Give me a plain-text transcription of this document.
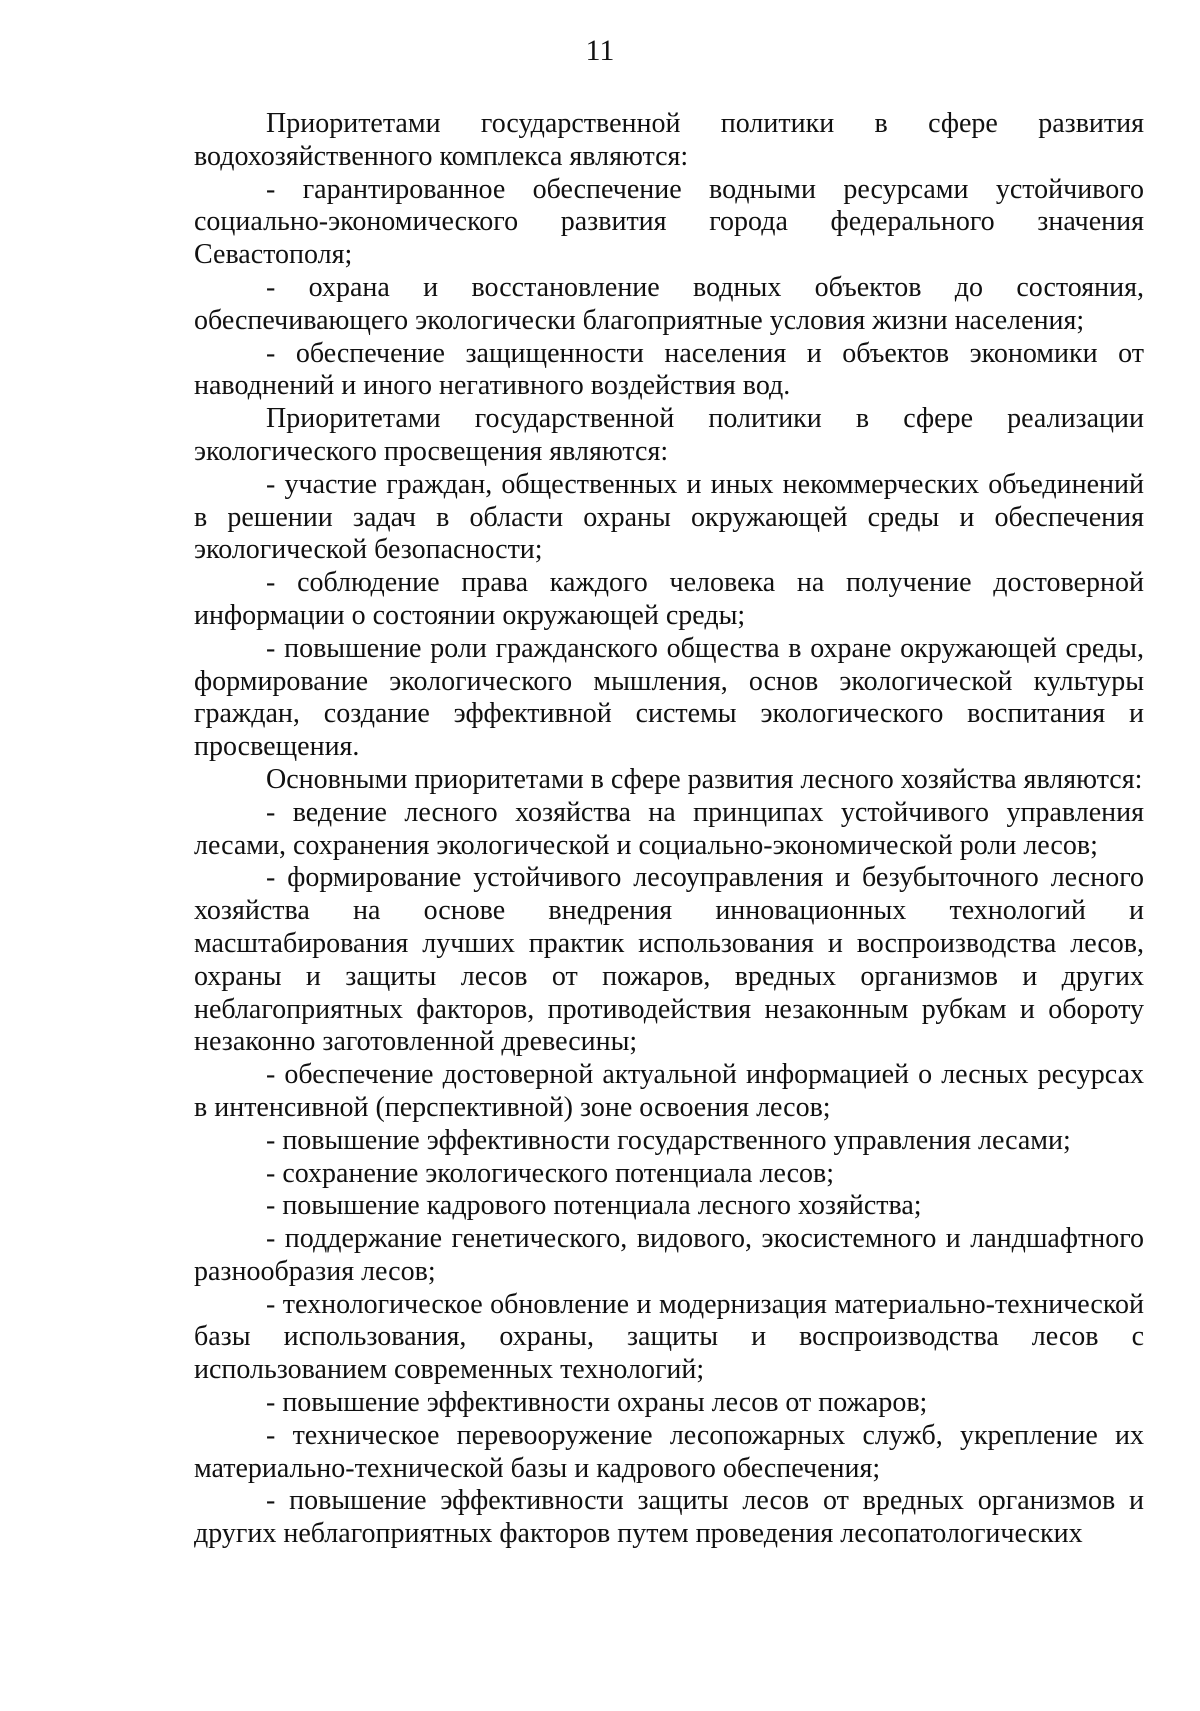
11

Приоритетами государственной политики в сфере развития водохозяйственного комплекса являются:

- гарантированное обеспечение водными ресурсами устойчивого социально-экономического развития города федерального значения Севастополя;

- охрана и восстановление водных объектов до состояния, обеспечивающего экологически благоприятные условия жизни населения;

- обеспечение защищенности населения и объектов экономики от наводнений и иного негативного воздействия вод.

Приоритетами государственной политики в сфере реализации экологического просвещения являются:

- участие граждан, общественных и иных некоммерческих объединений в решении задач в области охраны окружающей среды и обеспечения экологической безопасности;

- соблюдение права каждого человека на получение достоверной информации о состоянии окружающей среды;

- повышение роли гражданского общества в охране окружающей среды, формирование экологического мышления, основ экологической культуры граждан, создание эффективной системы экологического воспитания и просвещения.

Основными приоритетами в сфере развития лесного хозяйства являются:

- ведение лесного хозяйства на принципах устойчивого управления лесами, сохранения экологической и социально-экономической роли лесов;

- формирование устойчивого лесоуправления и безубыточного лесного хозяйства на основе внедрения инновационных технологий и масштабирования лучших практик использования и воспроизводства лесов, охраны и защиты лесов от пожаров, вредных организмов и других неблагоприятных факторов, противодействия незаконным рубкам и обороту незаконно заготовленной древесины;

- обеспечение достоверной актуальной информацией о лесных ресурсах в интенсивной (перспективной) зоне освоения лесов;

- повышение эффективности государственного управления лесами;

- сохранение экологического потенциала лесов;

- повышение кадрового потенциала лесного хозяйства;

- поддержание генетического, видового, экосистемного и ландшафтного разнообразия лесов;

- технологическое обновление и модернизация материально-технической базы использования, охраны, защиты и воспроизводства лесов с использованием современных технологий;

- повышение эффективности охраны лесов от пожаров;

- техническое перевооружение лесопожарных служб, укрепление их материально-технической базы и кадрового обеспечения;

- повышение эффективности защиты лесов от вредных организмов и других неблагоприятных факторов путем проведения лесопатологических
